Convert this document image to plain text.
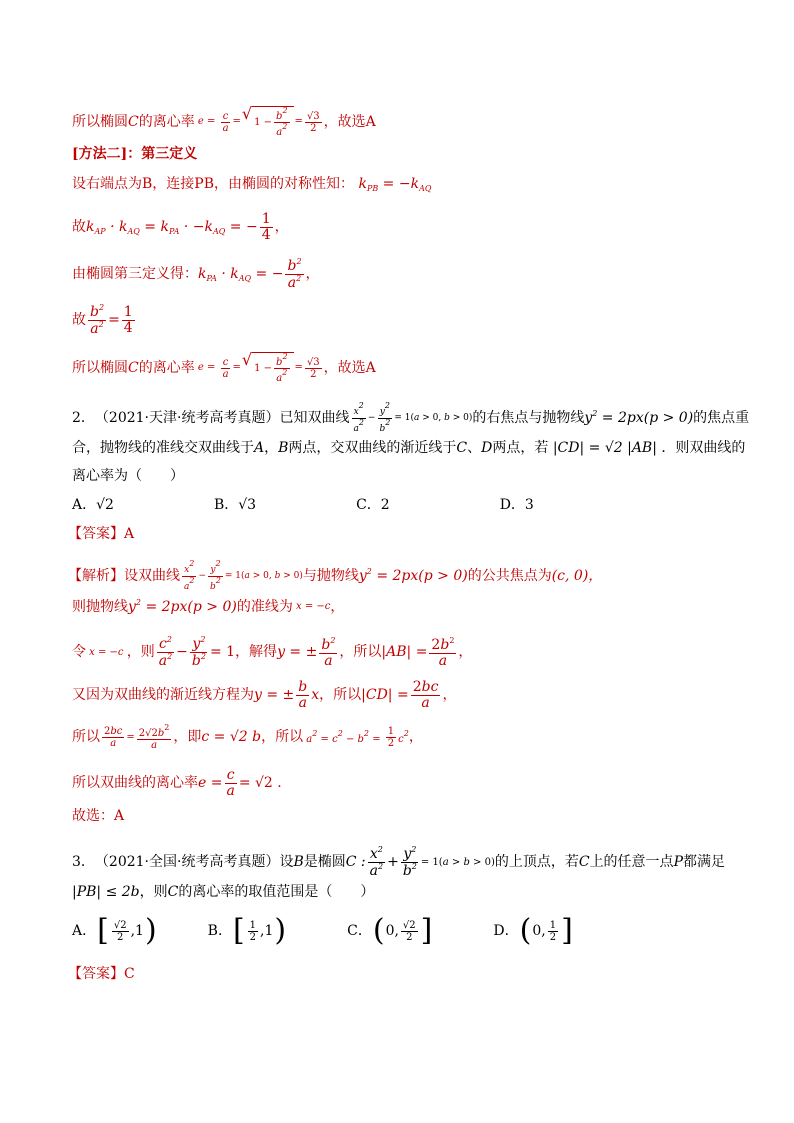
所以椭圆 C 的离心率 $e = \frac{c}{a}$ = √ $1 - \frac{b^2}{a^2} = \frac{√3}{2}$ ，故选 A
[方法二]：第三定义
设右端点为B，连接PB，由椭圆的对称性知： $k_{PB} = -k_{AQ}$
故 $k_{AP} \cdot k_{AQ} = k_{PA} \cdot -k_{AQ}$ = − $\frac{1}{4}$ ，
由椭圆第三定义得： $k_{PA} \cdot k_{AQ}$ = − $\frac{b^2}{a^2}$ ，
故 $\frac{b^2}{a^2} = \frac{1}{4}$
所以椭圆 C 的离心率 $e = \frac{c}{a}$ = √ $1 - \frac{b^2}{a^2} = \frac{√3}{2}$ ，故选 A
2． （2021·天津·统考高考真题） 已知双曲线 $\frac{x2}{a2} - \frac{y2}{b2} = 1(a > 0$, b > 0) 的右焦点与抛物线 $y^2 = 2px(p > 0)$ 的焦点重
合，抛物线的准线交双曲线于 A ， B 两点，交双曲线的渐近线于 C 、 D 两点，若 |CD| = √2 |AB| ．则双曲线的
离心率为（　　）
A． √2	B． √3	C．2	D．3
【答案】A
【解析】 设双曲线 $\frac{x2}{a2} - \frac{y2}{b2} = 1(a > 0$, b > 0) 与抛物线 $y^2 = 2px(p > 0)$ 的公共焦点为 (c, 0)，
则抛物线 $y^2 = 2px(p > 0)$ 的准线为 x = −c ，
令 x = −c ，则 $\frac{c^2}{a^2} - \frac{y^2}{b^2} = 1$ ，解得 y = ± $\frac{b^2}{a}$ ，所以 $|AB| = \frac{2b^2}{a}$ ，
又因为双曲线的渐近线方程为 y = ± $\frac{b}{a}$ x ，所以 $|CD| = \frac{2bc}{a}$ ，
所以 $\frac{2bc}{a} = \frac{2√2b^2}{a}$ ，即 c = √2 b ，所以 $a^2 = c^2 - b^2 = \frac{1}{2} c^2$ ，
所以双曲线的离心率 $e = \frac{c}{a} = √2$ .
故选：A
3． （2021·全国·统考高考真题） 设 B 是椭圆 C : $\frac{x^2}{a^2} + \frac{y^2}{b^2} = 1(a > b > 0)$ 的上顶点，若 C 上的任意一点 P 都满足
|PB| ≤ 2b ，则 C 的离心率的取值范围是（　　）
A． [ $\frac{√2}{2} ,1$ )	B． [ $\frac{1}{2} ,1$ )	C． ( 0, $\frac{√2}{2}$ ]	D． ( 0, $\frac{1}{2}$ ]
【答案】C
